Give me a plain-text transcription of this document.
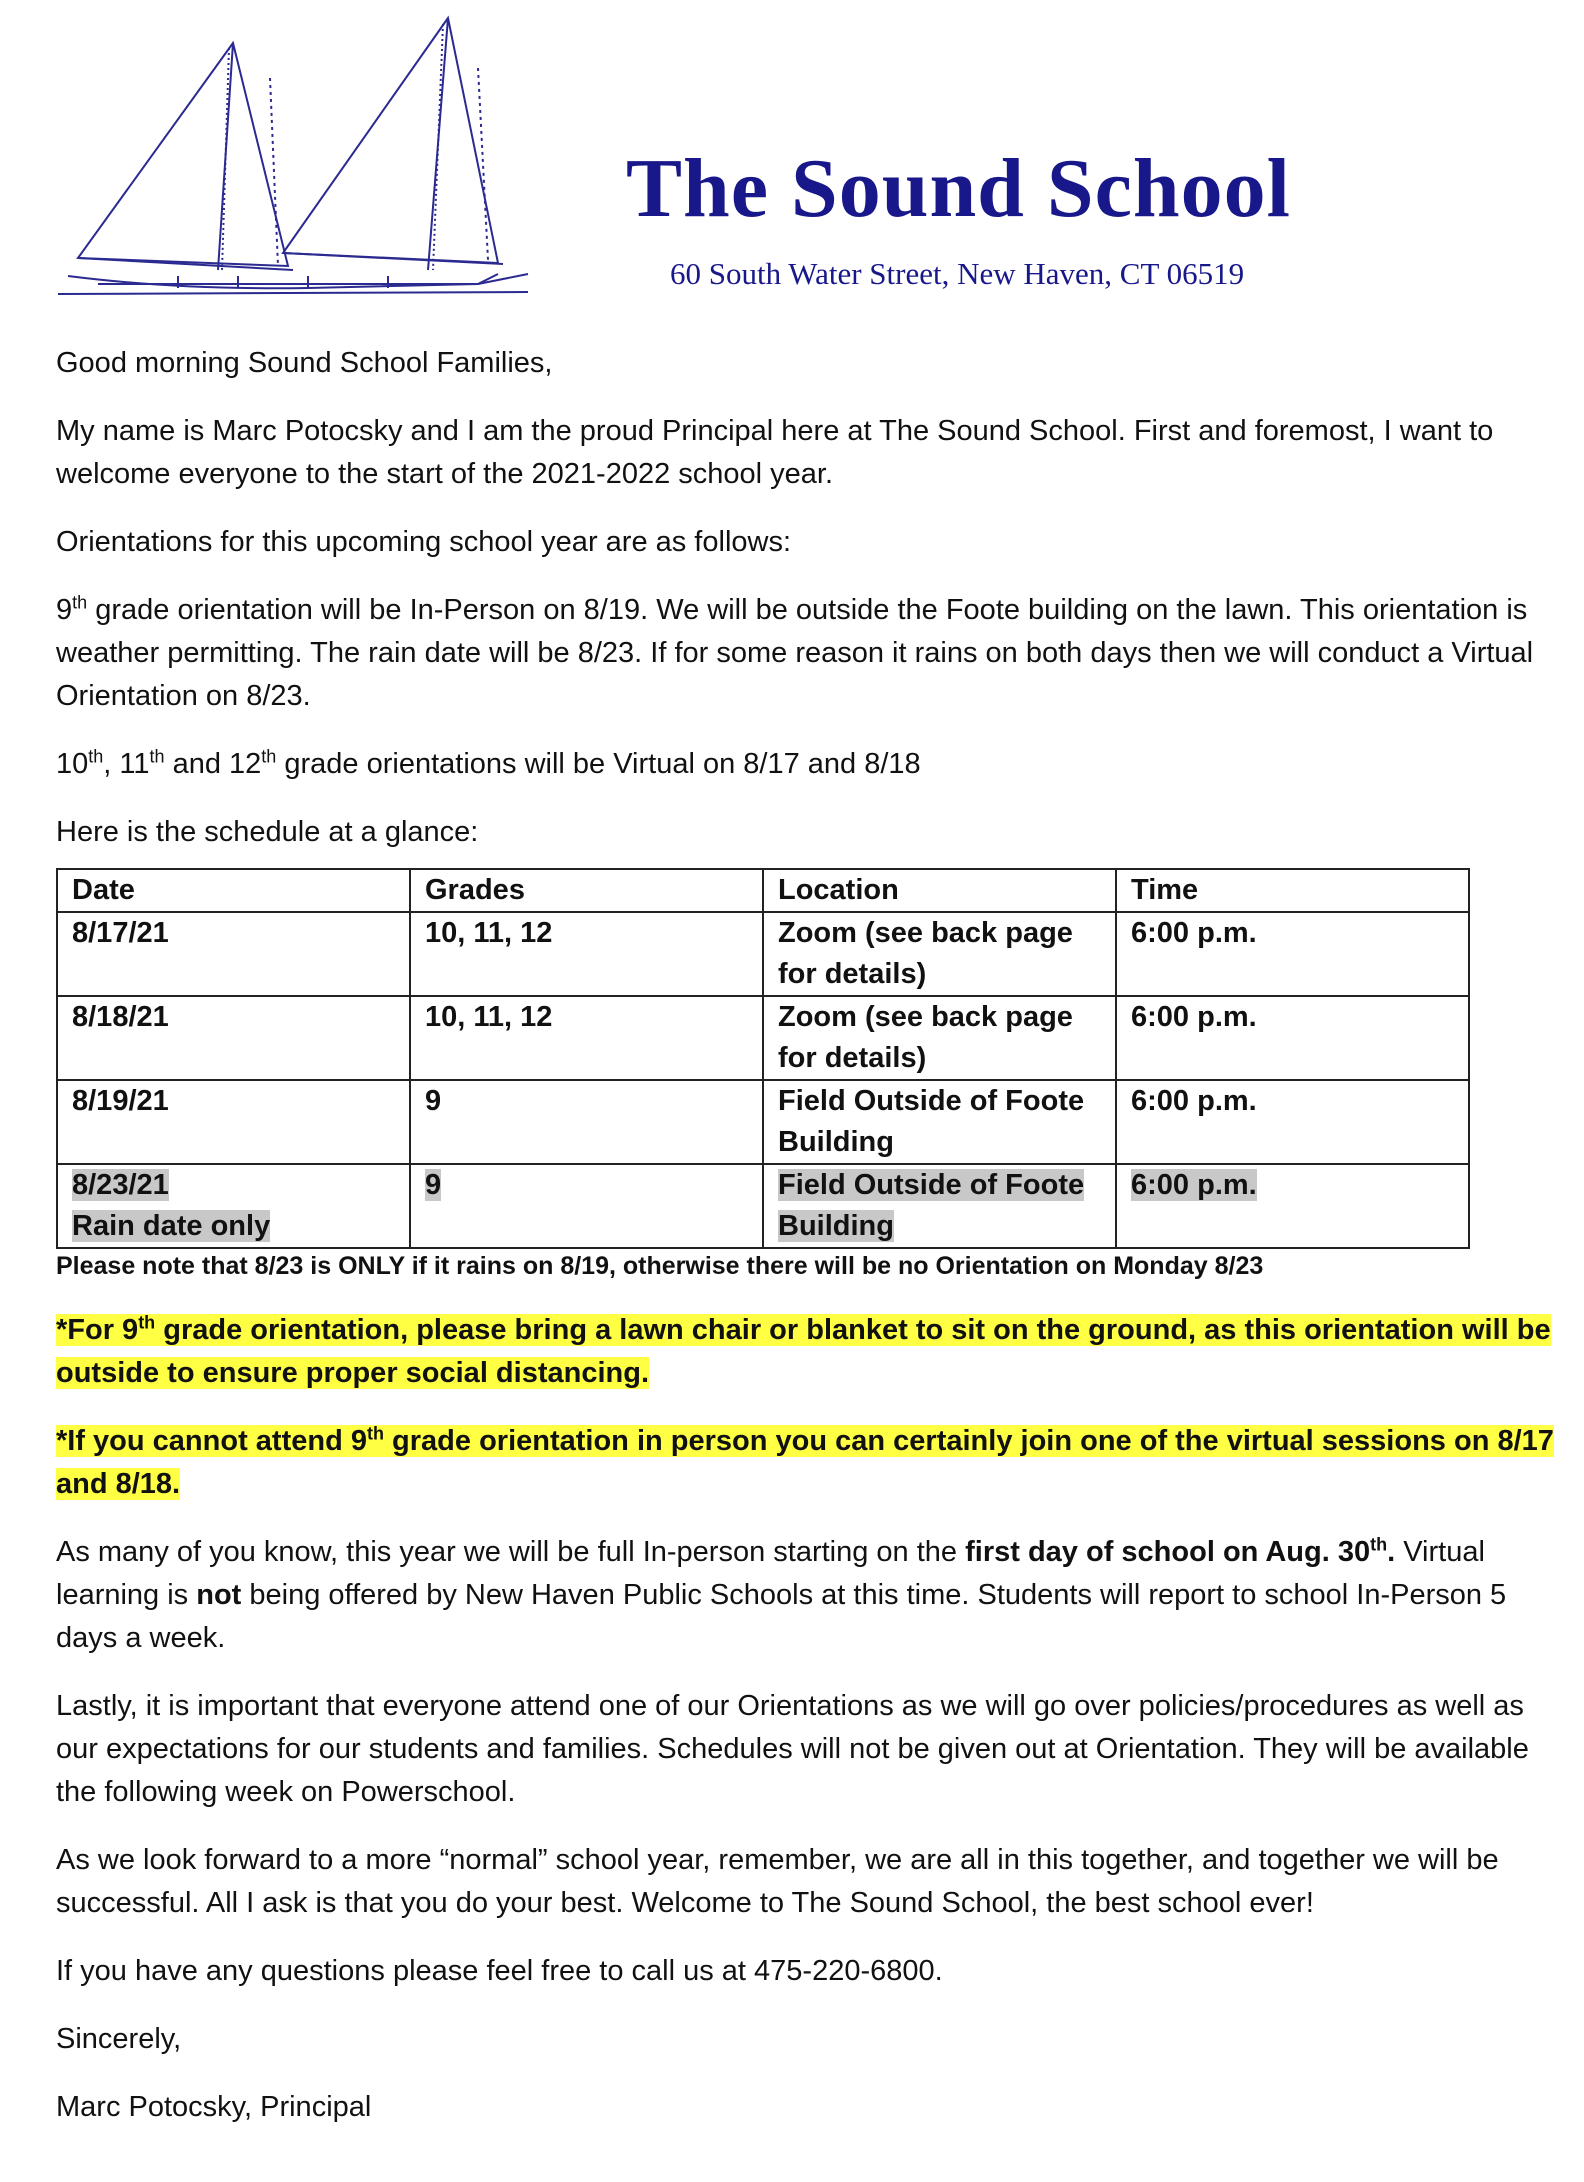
The Sound School
60 South Water Street, New Haven, CT 06519

Good morning Sound School Families,

My name is Marc Potocsky and I am the proud Principal here at The Sound School. First and foremost, I want to welcome everyone to the start of the 2021-2022 school year.

Orientations for this upcoming school year are as follows:

9th grade orientation will be In-Person on 8/19. We will be outside the Foote building on the lawn. This orientation is weather permitting. The rain date will be 8/23. If for some reason it rains on both days then we will conduct a Virtual Orientation on 8/23.

10th, 11th and 12th grade orientations will be Virtual on 8/17 and 8/18

Here is the schedule at a glance:

Date	Grades	Location	Time
8/17/21	10, 11, 12	Zoom (see back page for details)	6:00 p.m.
8/18/21	10, 11, 12	Zoom (see back page for details)	6:00 p.m.
8/19/21	9	Field Outside of Foote Building	6:00 p.m.
8/23/21
Rain date only	9	Field Outside of Foote Building	6:00 p.m.

Please note that 8/23 is ONLY if it rains on 8/19, otherwise there will be no Orientation on Monday 8/23

*For 9th grade orientation, please bring a lawn chair or blanket to sit on the ground, as this orientation will be outside to ensure proper social distancing.

*If you cannot attend 9th grade orientation in person you can certainly join one of the virtual sessions on 8/17 and 8/18.

As many of you know, this year we will be full In-person starting on the first day of school on Aug. 30th. Virtual learning is not being offered by New Haven Public Schools at this time. Students will report to school In-Person 5 days a week.

Lastly, it is important that everyone attend one of our Orientations as we will go over policies/procedures as well as our expectations for our students and families. Schedules will not be given out at Orientation. They will be available the following week on Powerschool.

As we look forward to a more “normal” school year, remember, we are all in this together, and together we will be successful. All I ask is that you do your best. Welcome to The Sound School, the best school ever!

If you have any questions please feel free to call us at 475-220-6800.

Sincerely,

Marc Potocsky, Principal
